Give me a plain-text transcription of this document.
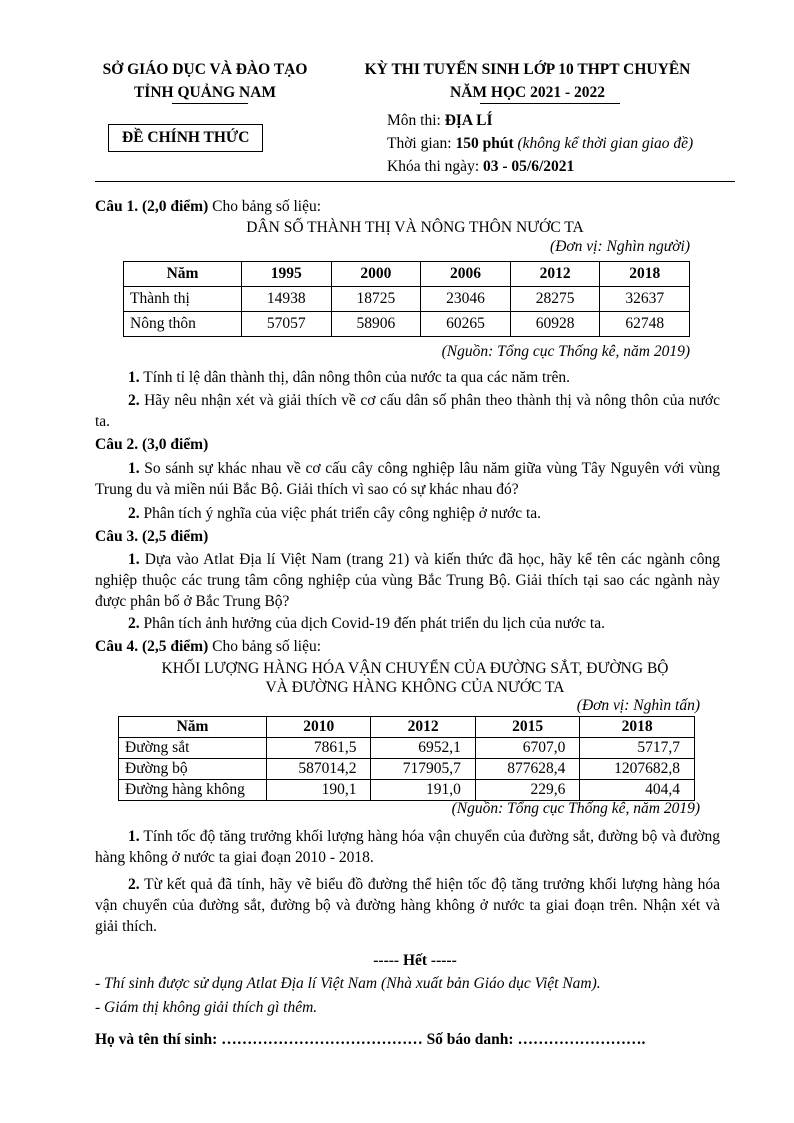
SỞ GIÁO DỤC VÀ ĐÀO TẠO
TỈNH QUẢNG NAM
KỲ THI TUYỂN SINH LỚP 10 THPT CHUYÊN
NĂM HỌC 2021 - 2022
ĐỀ CHÍNH THỨC
Môn thi: ĐỊA LÍ
Thời gian: 150 phút (không kể thời gian giao đề)
Khóa thi ngày: 03 - 05/6/2021
Câu 1. (2,0 điểm) Cho bảng số liệu:
DÂN SỐ THÀNH THỊ VÀ NÔNG THÔN NƯỚC TA
(Đơn vị: Nghìn người)
Năm	1995	2000	2006	2012	2018
Thành thị	14938	18725	23046	28275	32637
Nông thôn	57057	58906	60265	60928	62748
(Nguồn: Tổng cục Thống kê, năm 2019)
1. Tính tỉ lệ dân thành thị, dân nông thôn của nước ta qua các năm trên.
2. Hãy nêu nhận xét và giải thích về cơ cấu dân số phân theo thành thị và nông thôn của nước ta.
Câu 2. (3,0 điểm)
1. So sánh sự khác nhau về cơ cấu cây công nghiệp lâu năm giữa vùng Tây Nguyên với vùng Trung du và miền núi Bắc Bộ. Giải thích vì sao có sự khác nhau đó?
2. Phân tích ý nghĩa của việc phát triển cây công nghiệp ở nước ta.
Câu 3. (2,5 điểm)
1. Dựa vào Atlat Địa lí Việt Nam (trang 21) và kiến thức đã học, hãy kể tên các ngành công nghiệp thuộc các trung tâm công nghiệp của vùng Bắc Trung Bộ. Giải thích tại sao các ngành này được phân bố ở Bắc Trung Bộ?
2. Phân tích ảnh hưởng của dịch Covid-19 đến phát triển du lịch của nước ta.
Câu 4. (2,5 điểm) Cho bảng số liệu:
KHỐI LƯỢNG HÀNG HÓA VẬN CHUYỂN CỦA ĐƯỜNG SẮT, ĐƯỜNG BỘ
VÀ ĐƯỜNG HÀNG KHÔNG CỦA NƯỚC TA
(Đơn vị: Nghìn tấn)
Năm	2010	2012	2015	2018
Đường sắt	7861,5	6952,1	6707,0	5717,7
Đường bộ	587014,2	717905,7	877628,4	1207682,8
Đường hàng không	190,1	191,0	229,6	404,4
(Nguồn: Tổng cục Thống kê, năm 2019)
1. Tính tốc độ tăng trưởng khối lượng hàng hóa vận chuyển của đường sắt, đường bộ và đường hàng không ở nước ta giai đoạn 2010 - 2018.
2. Từ kết quả đã tính, hãy vẽ biểu đồ đường thể hiện tốc độ tăng trưởng khối lượng hàng hóa vận chuyển của đường sắt, đường bộ và đường hàng không ở nước ta giai đoạn trên. Nhận xét và giải thích.
----- Hết -----
- Thí sinh được sử dụng Atlat Địa lí Việt Nam (Nhà xuất bản Giáo dục Việt Nam).
- Giám thị không giải thích gì thêm.
Họ và tên thí sinh: ………………………………… Số báo danh: …………………….
